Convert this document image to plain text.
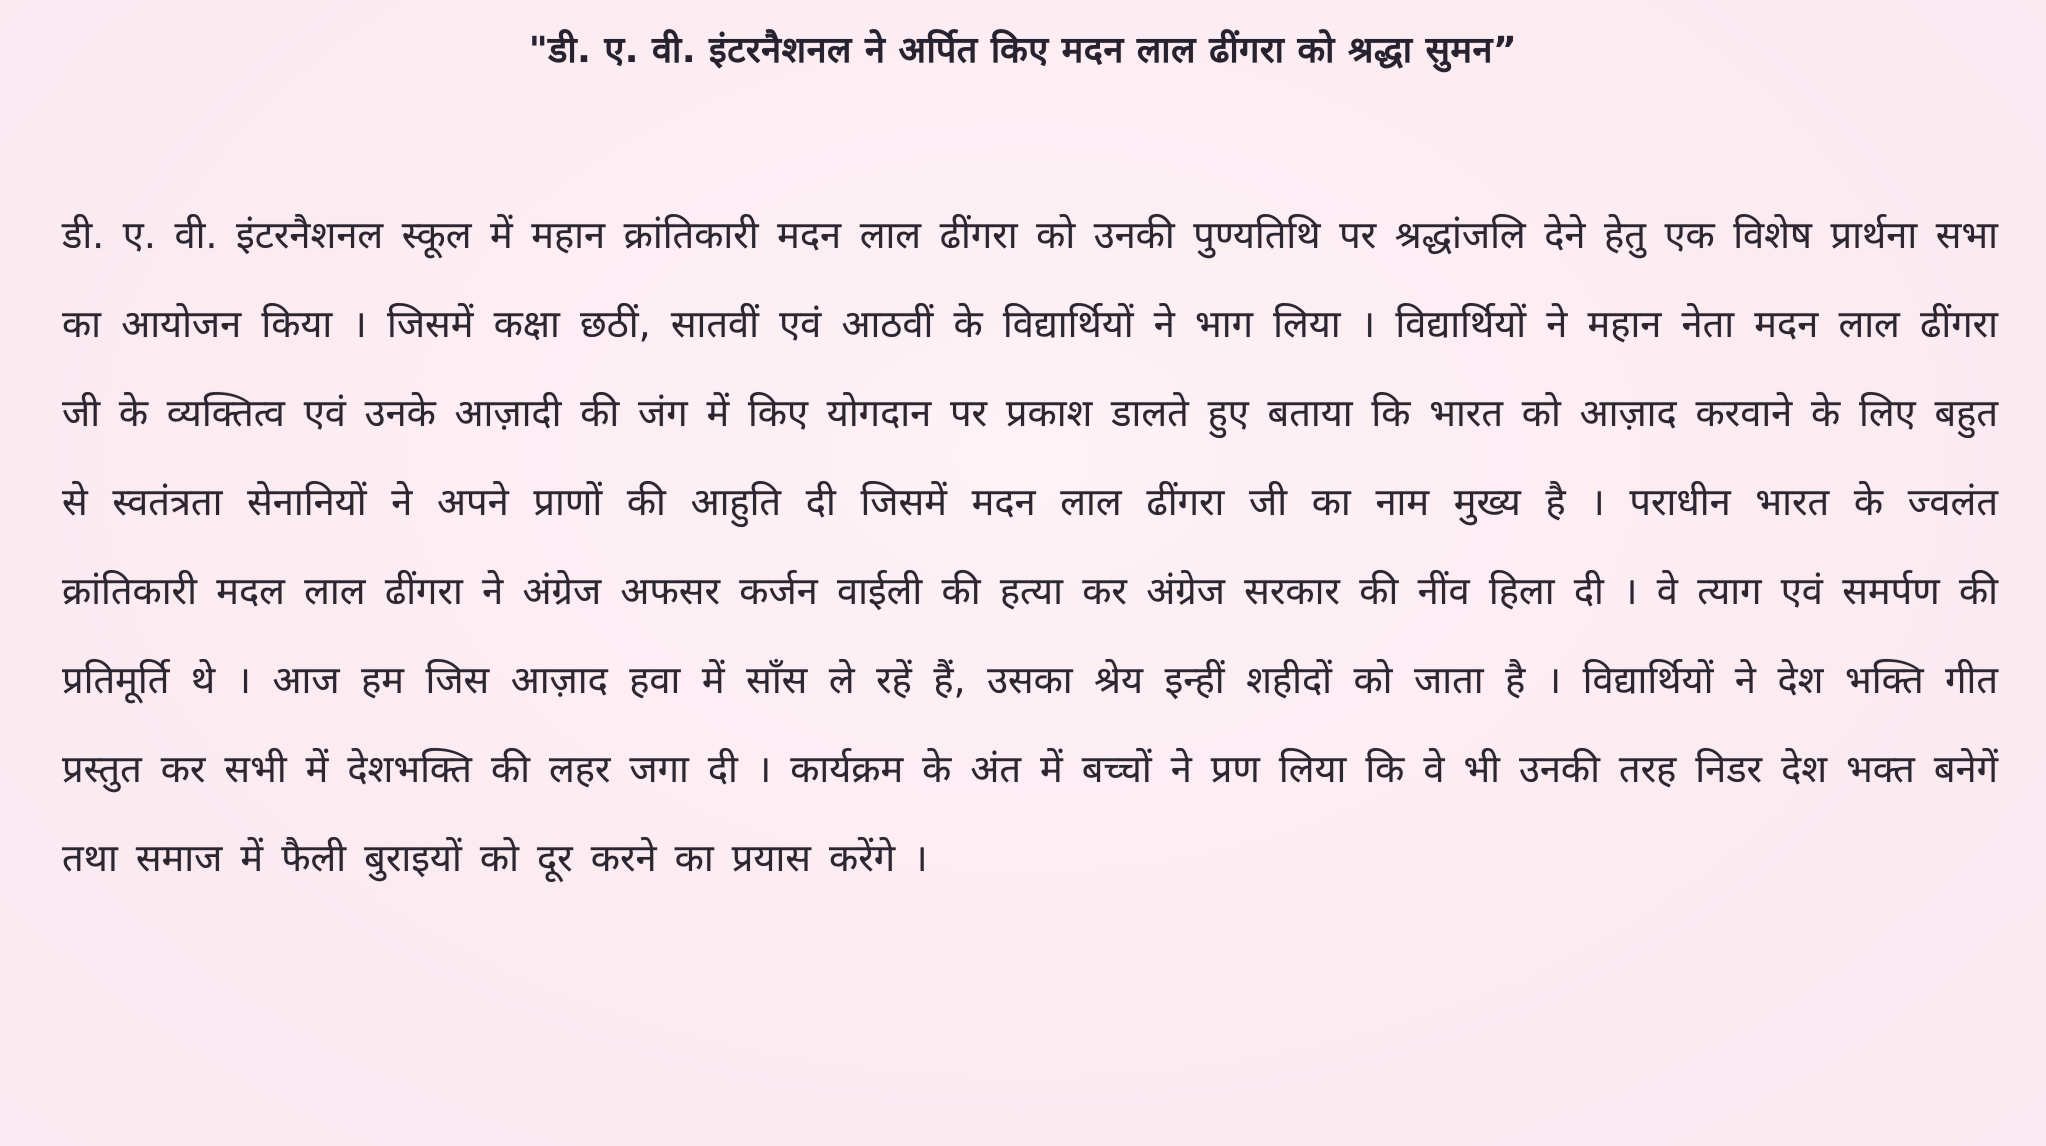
"डी. ए. वी. इंटरनैशनल ने अर्पित किए मदन लाल ढींगरा को श्रद्धा सुमन”

डी. ए. वी. इंटरनैशनल स्कूल में महान क्रांतिकारी मदन लाल ढींगरा को उनकी पुण्यतिथि पर श्रद्धांजलि देने हेतु एक विशेष प्रार्थना सभा का आयोजन किया । जिसमें कक्षा छठीं, सातवीं एवं आठवीं के विद्यार्थियों ने भाग लिया । विद्यार्थियों ने महान नेता मदन लाल ढींगरा जी के व्यक्तित्व एवं उनके आज़ादी की जंग में किए योगदान पर प्रकाश डालते हुए बताया कि भारत को आज़ाद करवाने के लिए बहुत से स्वतंत्रता सेनानियों ने अपने प्राणों की आहुति दी जिसमें मदन लाल ढींगरा जी का नाम मुख्य है । पराधीन भारत के ज्वलंत क्रांतिकारी मदल लाल ढींगरा ने अंग्रेज अफसर कर्जन वाईली की हत्या कर अंग्रेज सरकार की नींव हिला दी । वे त्याग एवं समर्पण की प्रतिमूर्ति थे । आज हम जिस आज़ाद हवा में साँस ले रहें हैं, उसका श्रेय इन्हीं शहीदों को जाता है । विद्यार्थियों ने देश भक्ति गीत प्रस्तुत कर सभी में देशभक्ति की लहर जगा दी । कार्यक्रम के अंत में बच्चों ने प्रण लिया कि वे भी उनकी तरह निडर देश भक्त बनेगें तथा समाज में फैली बुराइयों को दूर करने का प्रयास करेंगे ।
